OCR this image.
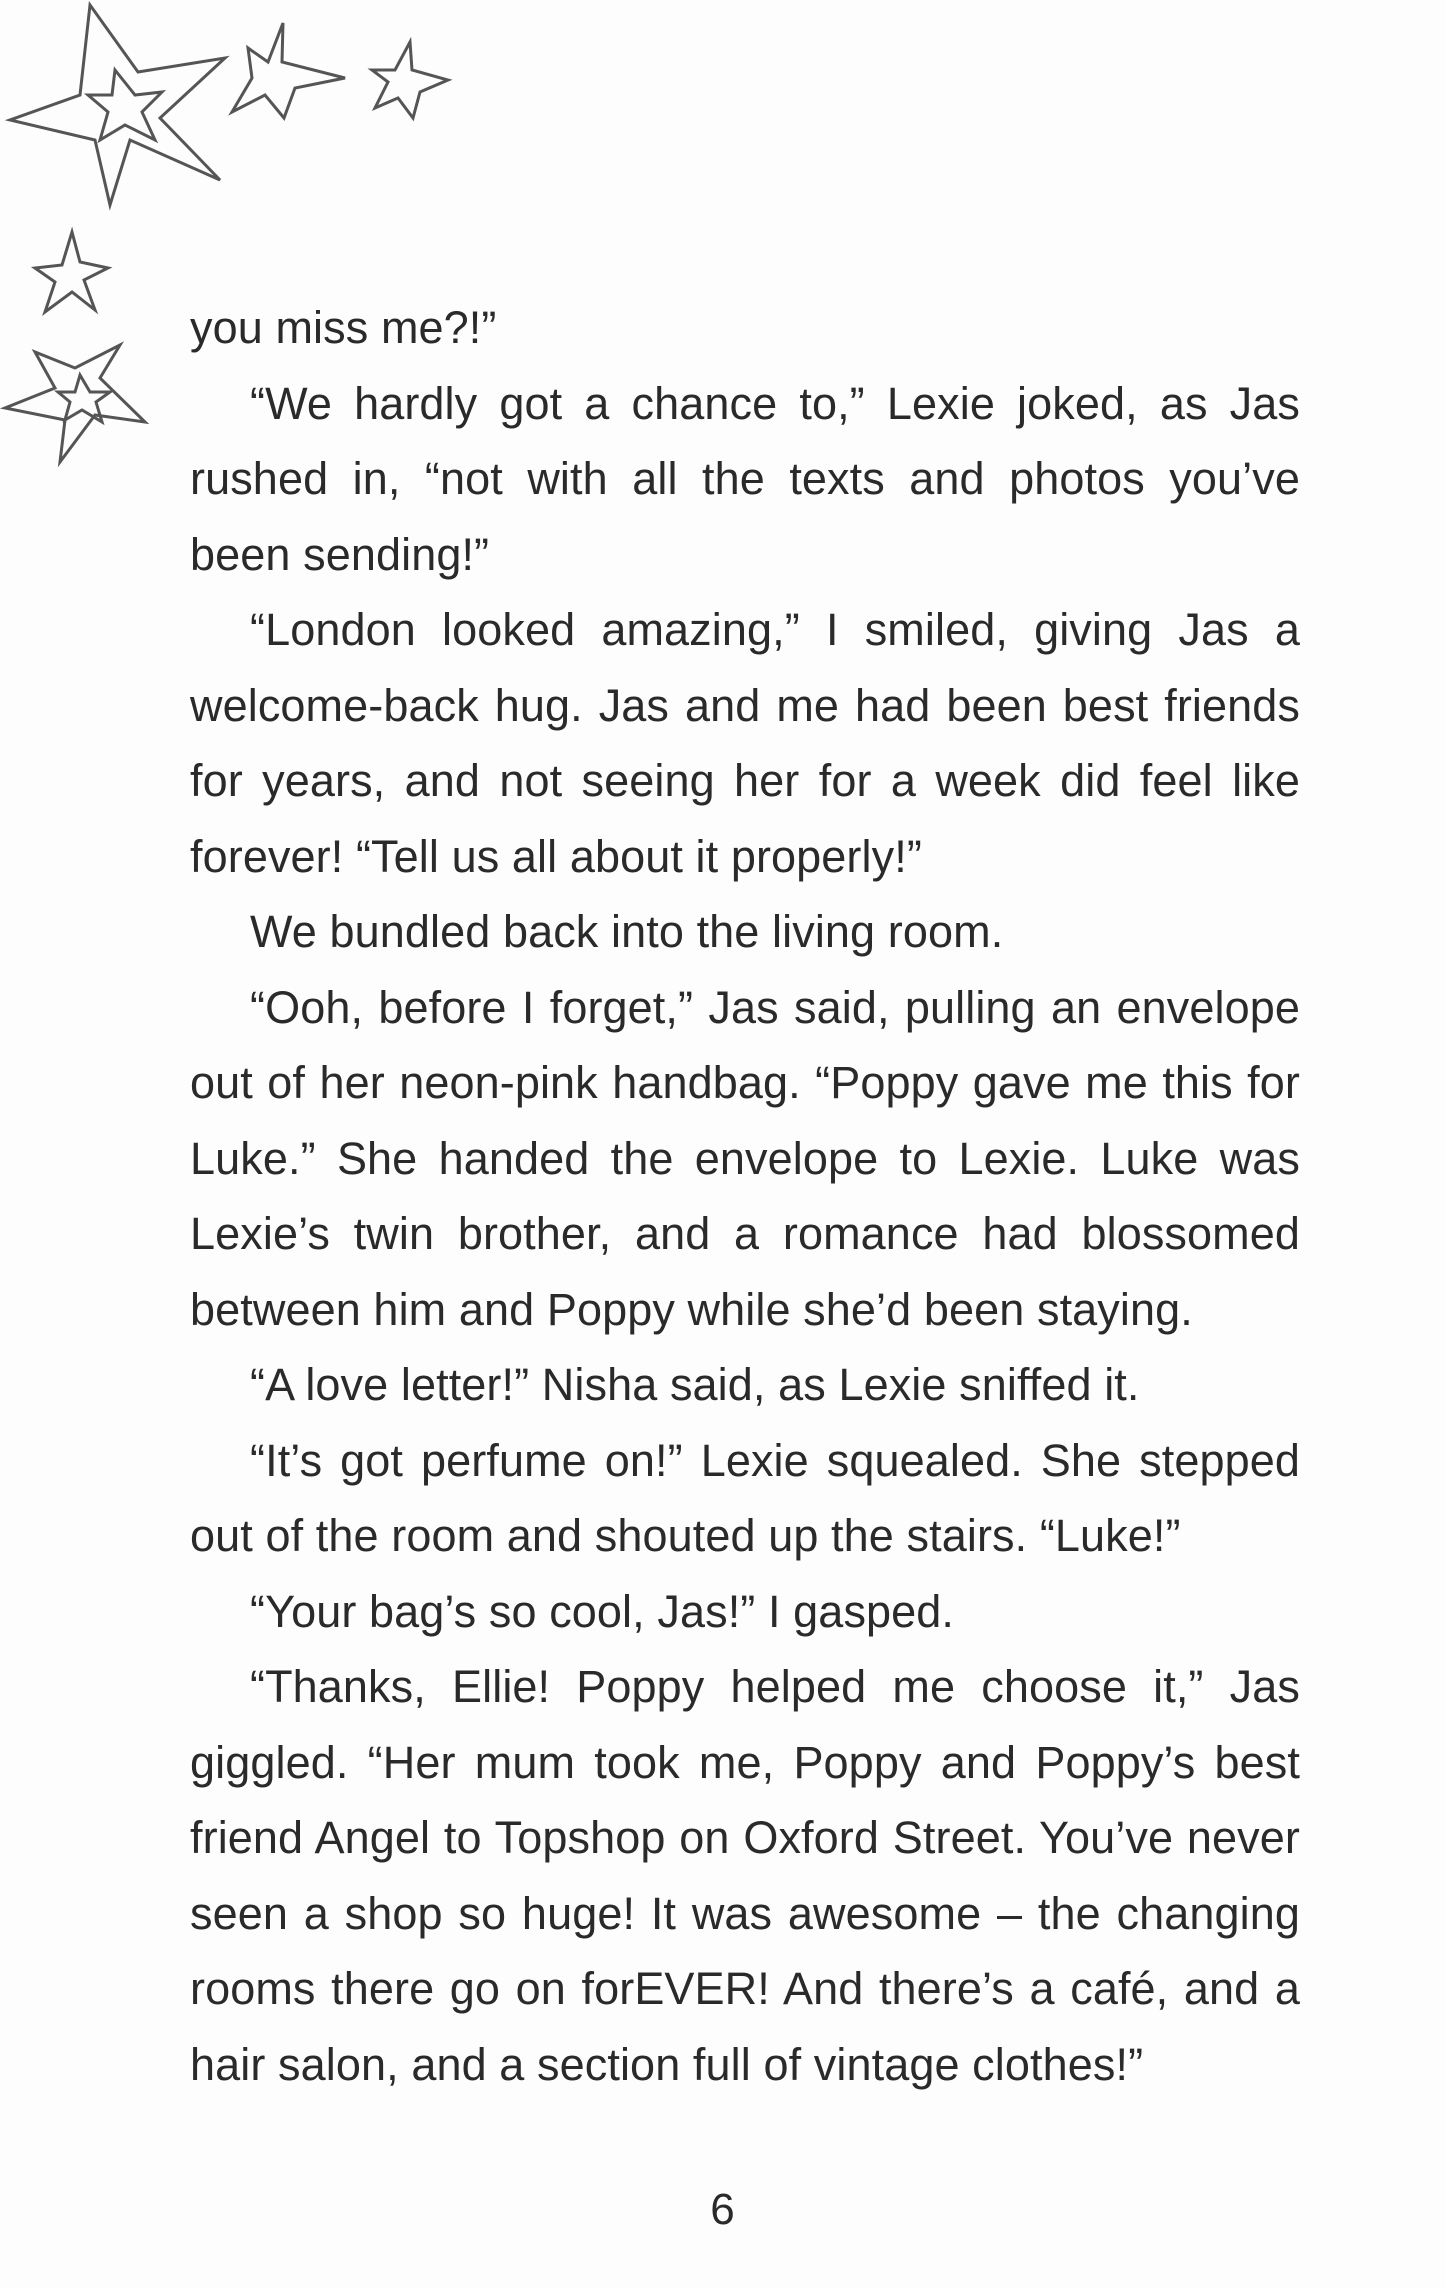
you miss me?!”

“We hardly got a chance to,” Lexie joked, as Jas rushed in, “not with all the texts and photos you’ve been sending!”

“London looked amazing,” I smiled, giving Jas a welcome-back hug. Jas and me had been best friends for years, and not seeing her for a week did feel like forever! “Tell us all about it properly!”

We bundled back into the living room.

“Ooh, before I forget,” Jas said, pulling an envelope out of her neon-pink handbag. “Poppy gave me this for Luke.” She handed the envelope to Lexie. Luke was Lexie’s twin brother, and a romance had blossomed between him and Poppy while she’d been staying.

“A love letter!” Nisha said, as Lexie sniffed it.

“It’s got perfume on!” Lexie squealed. She stepped out of the room and shouted up the stairs. “Luke!”

“Your bag’s so cool, Jas!” I gasped.

“Thanks, Ellie! Poppy helped me choose it,” Jas giggled. “Her mum took me, Poppy and Poppy’s best friend Angel to Topshop on Oxford Street. You’ve never seen a shop so huge! It was awesome – the changing rooms there go on forEVER! And there’s a café, and a hair salon, and a section full of vintage clothes!”

6
